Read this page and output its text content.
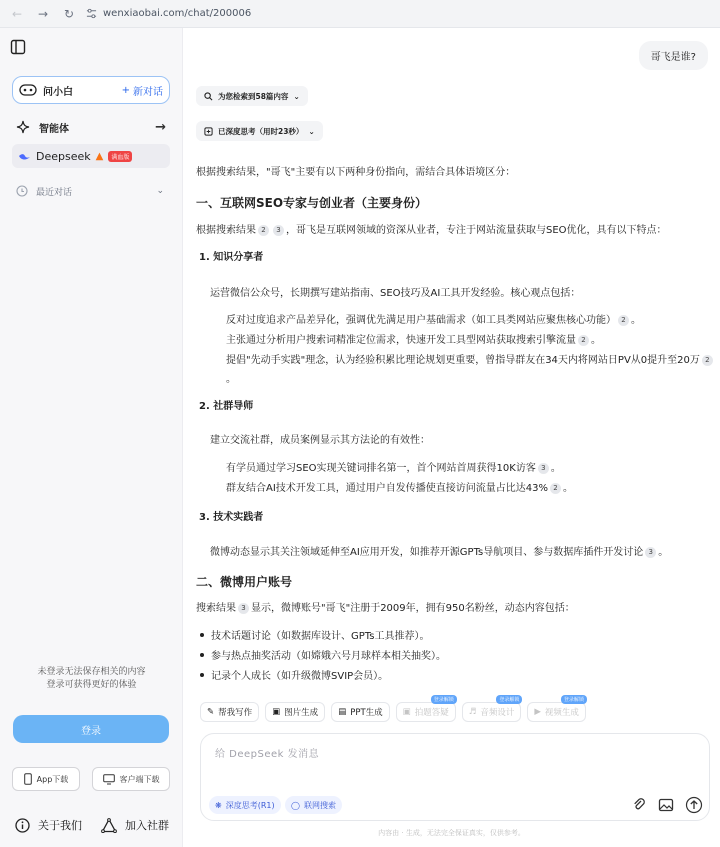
←	→	↻	wenxiaobai.com/chat/200006
问小白	+ 新对话
智能体	→
Deepseek ▲	满血版
最近对话	⌄
未登录无法保存相关的内容
登录可获得更好的体验
登录
App下载	客户端下载
关于我们	加入社群
哥飞是谁?
为您检索到58篇内容 ⌄
已深度思考（用时23秒） ⌄
根据搜索结果，"哥飞"主要有以下两种身份指向，需结合具体语境区分：
一、互联网SEO专家与创业者（主要身份）
根据搜索结果 2 3 ，哥飞是互联网领域的资深从业者，专注于网站流量获取与SEO优化，具有以下特点：
1. 知识分享者
运营微信公众号，长期撰写建站指南、SEO技巧及AI工具开发经验。核心观点包括：
反对过度追求产品差异化，强调优先满足用户基础需求（如工具类网站应聚焦核心功能） 2 。
主张通过分析用户搜索词精准定位需求，快速开发工具型网站获取搜索引擎流量 2 。
提倡"先动手实践"理念，认为经验积累比理论规划更重要，曾指导群友在34天内将网站日PV从0提升至20万 2
。
2. 社群导师
建立交流社群，成员案例显示其方法论的有效性：
有学员通过学习SEO实现关键词排名第一，首个网站首周获得10K访客 3 。
群友结合AI技术开发工具，通过用户自发传播使直接访问流量占比达43% 2 。
3. 技术实践者
微博动态显示其关注领域延伸至AI应用开发，如推荐开源GPTs导航项目、参与数据库插件开发讨论 3 。
二、微博用户账号
搜索结果 3 显示，微博账号"哥飞"注册于2009年，拥有950名粉丝，动态内容包括：
技术话题讨论（如数据库设计、GPTs工具推荐）。
参与热点抽奖活动（如嫦娥六号月球样本相关抽奖）。
记录个人成长（如升级微博SVIP会员）。
✎ 帮我写作 ▣ 图片生成 ▤ PPT生成 ▣ 拍题答疑
登录解锁
♬ 音频设计
登录解锁
▶ 视频生成
登录解锁
给 DeepSeek 发消息
❋ 深度思考(R1) ◯ 联网搜索
内容由 · 生成，无法完全保证真实，仅供参考。
